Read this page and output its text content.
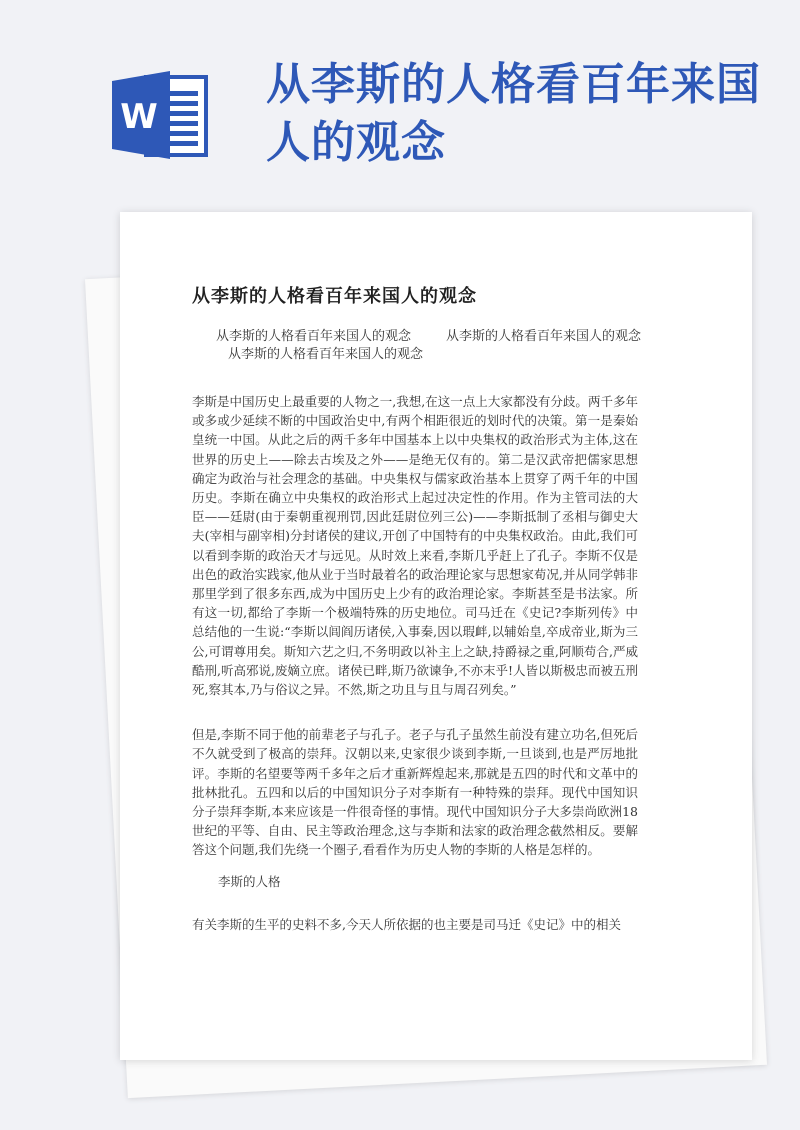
W
从李斯的人格看百年来国人的观念
从李斯的人格看百年来国人的观念
从李斯的人格看百年来国人的观念	从李斯的人格看百年来国人的观念
从李斯的人格看百年来国人的观念

李斯是中国历史上最重要的人物之一,我想,在这一点上大家都没有分歧。两千多年或多或少延续不断的中国政治史中,有两个相距很近的划时代的决策。第一是秦始皇统一中国。从此之后的两千多年中国基本上以中央集权的政治形式为主体,这在世界的历史上——除去古埃及之外——是绝无仅有的。第二是汉武帝把儒家思想确定为政治与社会理念的基础。中央集权与儒家政治基本上贯穿了两千年的中国历史。李斯在确立中央集权的政治形式上起过决定性的作用。作为主管司法的大臣——廷尉(由于秦朝重视刑罚,因此廷尉位列三公)——李斯抵制了丞相与御史大夫(宰相与副宰相)分封诸侯的建议,开创了中国特有的中央集权政治。由此,我们可以看到李斯的政治天才与远见。从时效上来看,李斯几乎赶上了孔子。李斯不仅是出色的政治实践家,他从业于当时最着名的政治理论家与思想家荀况,并从同学韩非那里学到了很多东西,成为中国历史上少有的政治理论家。李斯甚至是书法家。所有这一切,都给了李斯一个极端特殊的历史地位。司马迁在《史记?李斯列传》中总结他的一生说:“李斯以闾阎历诸侯,入事秦,因以瑕衅,以辅始皇,卒成帝业,斯为三公,可谓尊用矣。斯知六艺之归,不务明政以补主上之缺,持爵禄之重,阿顺苟合,严威酷刑,听高邪说,废嫡立庶。诸侯已畔,斯乃欲谏争,不亦末乎!人皆以斯极忠而被五刑死,察其本,乃与俗议之异。不然,斯之功且与且与周召列矣。”

但是,李斯不同于他的前辈老子与孔子。老子与孔子虽然生前没有建立功名,但死后不久就受到了极高的崇拜。汉朝以来,史家很少谈到李斯,一旦谈到,也是严厉地批评。李斯的名望要等两千多年之后才重新辉煌起来,那就是五四的时代和文革中的批林批孔。五四和以后的中国知识分子对李斯有一种特殊的崇拜。现代中国知识分子崇拜李斯,本来应该是一件很奇怪的事情。现代中国知识分子大多崇尚欧洲18世纪的平等、自由、民主等政治理念,这与李斯和法家的政治理念截然相反。要解答这个问题,我们先绕一个圈子,看看作为历史人物的李斯的人格是怎样的。

李斯的人格

有关李斯的生平的史料不多,今天人所依据的也主要是司马迁《史记》中的相关
